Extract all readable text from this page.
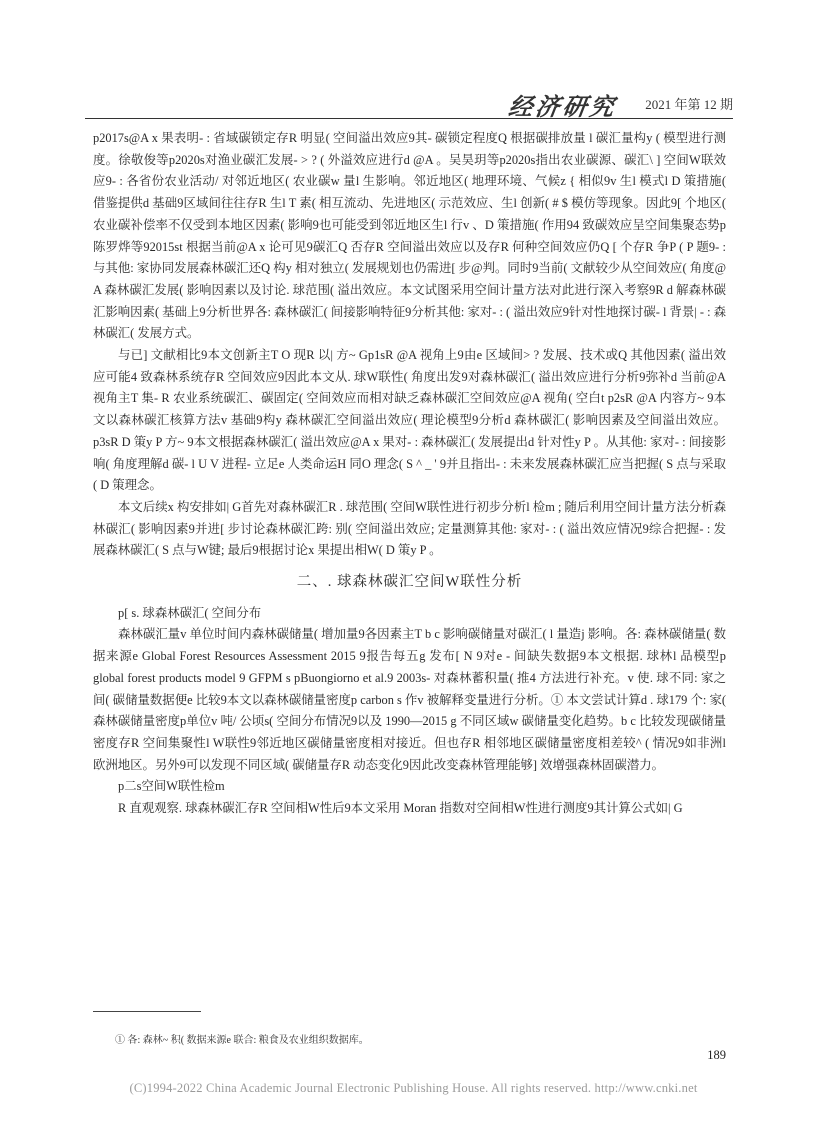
经济研究 2021 年第 12 期

p2017s@A x 果表明- : 省域碳锁定存R 明显( 空间溢出效应9其- 碳锁定程度Q 根据碳排放量 l 碳汇量构y ( 模型进行测度。徐敬俊等p2020s对渔业碳汇发展- > ? ( 外溢效应进行d @A 。吴昊玥等p2020s指出农业碳源、碳汇\ ] 空间W联效应9- : 各省份农业活动/ 对邻近地区( 农业碳w 量l 生影响。邻近地区( 地理环境、气候z { 相似9v 生l 模式l D 策措施( 借鉴提供d 基础9区域间往往存R 生l T 素( 相互流动、先进地区( 示范效应、生l 创新( # $ 模仿等现象。因此9[ 个地区( 农业碳补偿率不仅受到本地区因素( 影响9也可能受到邻近地区生l 行v 、D 策措施( 作用94 致碳效应呈空间集聚态势p陈罗烨等92015st 根据当前@A x 论可见9碳汇Q 否存R 空间溢出效应以及存R 何种空间效应仍Q [ 个存R 争P ( P 题9- : 与其他: 家协同发展森林碳汇还Q 构y 相对独立( 发展规划也仍需进[ 步@判。同时9当前( 文献较少从空间效应( 角度@ A 森林碳汇发展( 影响因素以及讨论. 球范围( 溢出效应。本文试图采用空间计量方法对此进行深入考察9R d 解森林碳汇影响因素( 基础上9分析世界各: 森林碳汇( 间接影响特征9分析其他: 家对- : ( 溢出效应9针对性地探讨碳- l 背景| - : 森林碳汇( 发展方式。

与已] 文献相比9本文创新主T O 现R 以| 方~ Gp1sR @A 视角上9由e 区域间> ? 发展、技术或Q 其他因素( 溢出效应可能4 致森林系统存R 空间效应9因此本文从. 球W联性( 角度出发9对森林碳汇( 溢出效应进行分析9弥补d 当前@A 视角主T 集- R 农业系统碳汇、碳固定( 空间效应而相对缺乏森林碳汇空间效应@A 视角( 空白t p2sR @A 内容方~ 9本文以森林碳汇核算方法v 基础9构y 森林碳汇空间溢出效应( 理论模型9分析d 森林碳汇( 影响因素及空间溢出效应。p3sR D 策y P 方~ 9本文根据森林碳汇( 溢出效应@A x 果对- : 森林碳汇( 发展提出d 针对性y P 。从其他: 家对- : 间接影响( 角度理解d 碳- l U V 进程- 立足e 人类命运H 同O 理念( S ^ _ ' 9并且指出- : 未来发展森林碳汇应当把握( S 点与采取( D 策理念。

本文后续x 构安排如| G首先对森林碳汇R . 球范围( 空间W联性进行初步分析l 检m ; 随后利用空间计量方法分析森林碳汇( 影响因素9并进[ 步讨论森林碳汇跨: 别( 空间溢出效应; 定量测算其他: 家对- : ( 溢出效应情况9综合把握- : 发展森林碳汇( S 点与W键; 最后9根据讨论x 果提出相W( D 策y P 。

二、. 球森林碳汇空间W联性分析

p[ s. 球森林碳汇( 空间分布

森林碳汇量v 单位时间内森林碳储量( 增加量9各因素主T b c 影响碳储量对碳汇( l 量造j 影响。各: 森林碳储量( 数据来源e Global Forest Resources Assessment 2015 9报告每五g 发布[ N 9对e - 间缺失数据9本文根据. 球林l 品模型p global forest products model 9 GFPM s pBuongiorno et al.9 2003s- 对森林蓄积量( 推4 方法进行补充。v 使. 球不同: 家之间( 碳储量数据便e 比较9本文以森林碳储量密度p carbon s 作v 被解释变量进行分析。① 本文尝试计算d . 球179 个: 家( 森林碳储量密度p单位v 吨/ 公顷s( 空间分布情况9以及 1990—2015 g 不同区域w 碳储量变化趋势。b c 比较发现碳储量密度存R 空间集聚性l W联性9邻近地区碳储量密度相对接近。但也存R 相邻地区碳储量密度相差较^ ( 情况9如非洲l 欧洲地区。另外9可以发现不同区域( 碳储量存R 动态变化9因此改变森林管理能够] 效增强森林固碳潜力。

p二s空间W联性检m

R 直观观察. 球森林碳汇存R 空间相W性后9本文采用 Moran 指数对空间相W性进行测度9其计算公式如| G

① 各: 森林~ 积( 数据来源e 联合: 粮食及农业组织数据库。
189
(C)1994-2022 China Academic Journal Electronic Publishing House. All rights reserved. http://www.cnki.net
